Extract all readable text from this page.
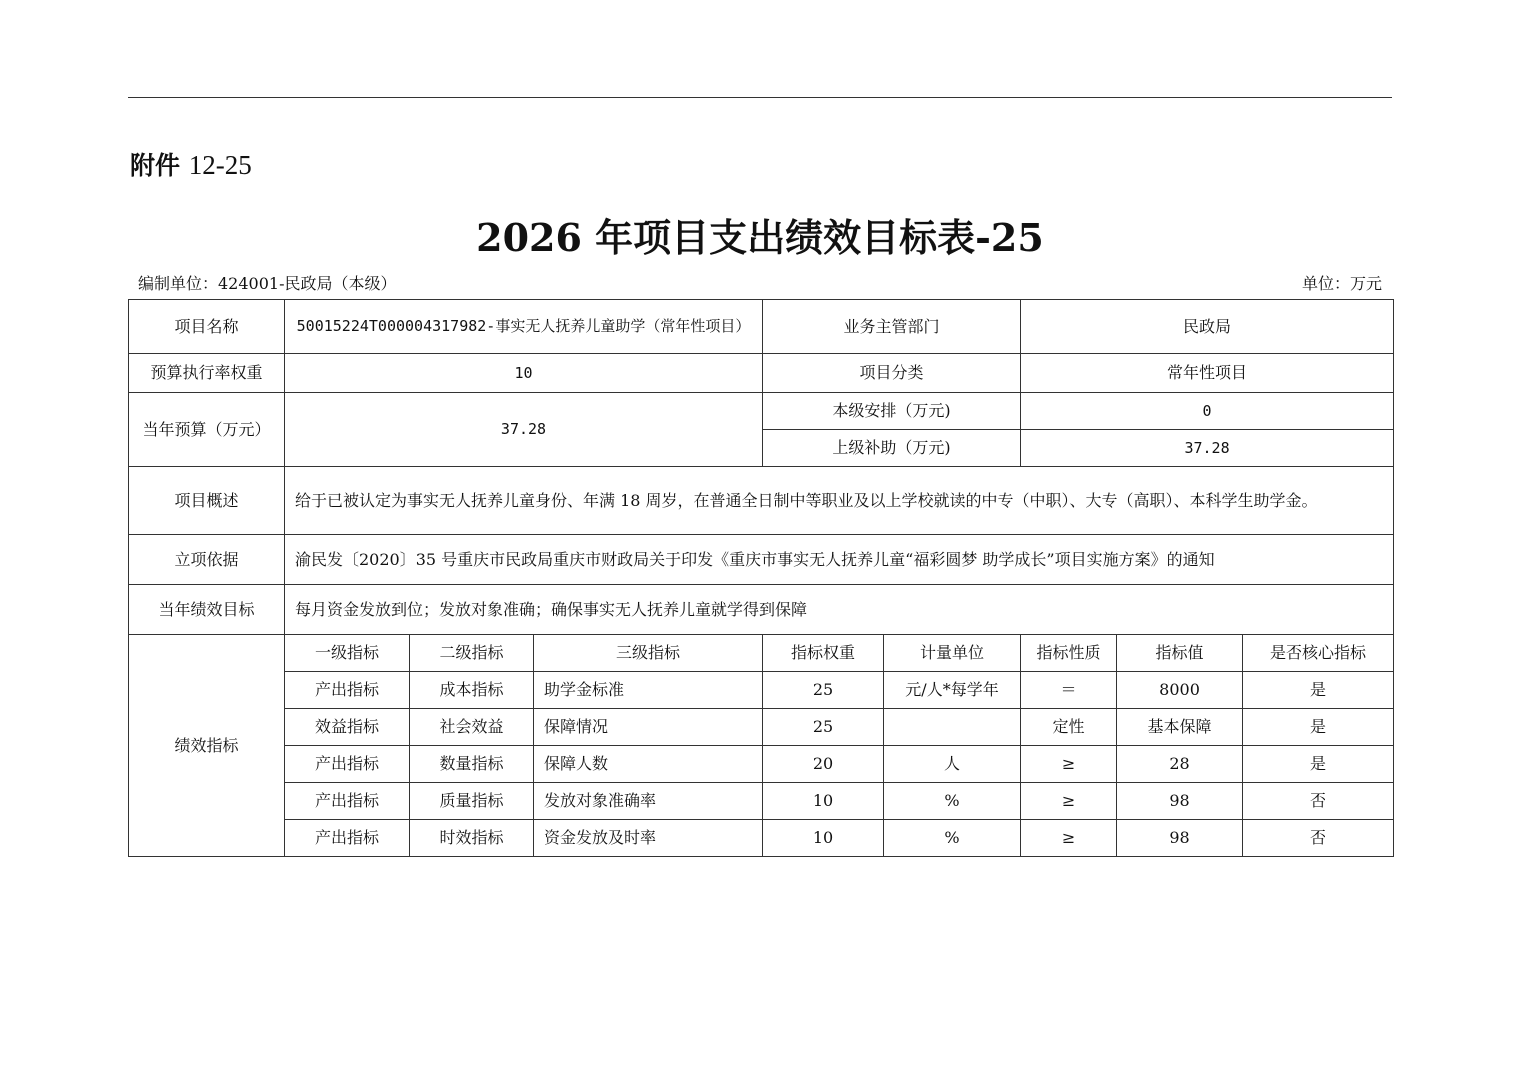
附件 12-25
2026 年项目支出绩效目标表-25
编制单位：424001-民政局（本级）	单位：万元
项目名称	50015224T000004317982-事实无人抚养儿童助学（常年性项目）			业务主管部门		民政局		
预算执行率权重	10			项目分类		常年性项目		
当年预算（万元）	37.28			本级安排（万元)		0		
				上级补助（万元)		37.28		
项目概述	给于已被认定为事实无人抚养儿童身份、年满 18 周岁，在普通全日制中等职业及以上学校就读的中专（中职）、大专（高职）、本科学生助学金。							
立项依据	渝民发〔2020〕35 号重庆市民政局重庆市财政局关于印发《重庆市事实无人抚养儿童“福彩圆梦 助学成长”项目实施方案》的通知							
当年绩效目标	每月资金发放到位；发放对象准确；确保事实无人抚养儿童就学得到保障							
绩效指标	一级指标	二级指标	三级指标	指标权重	计量单位	指标性质	指标值	是否核心指标
	产出指标	成本指标	助学金标准	25	元/人*每学年	＝	8000	是
	效益指标	社会效益	保障情况	25		定性	基本保障	是
	产出指标	数量指标	保障人数	20	人	≥	28	是
	产出指标	质量指标	发放对象准确率	10	%	≥	98	否
	产出指标	时效指标	资金发放及时率	10	%	≥	98	否
